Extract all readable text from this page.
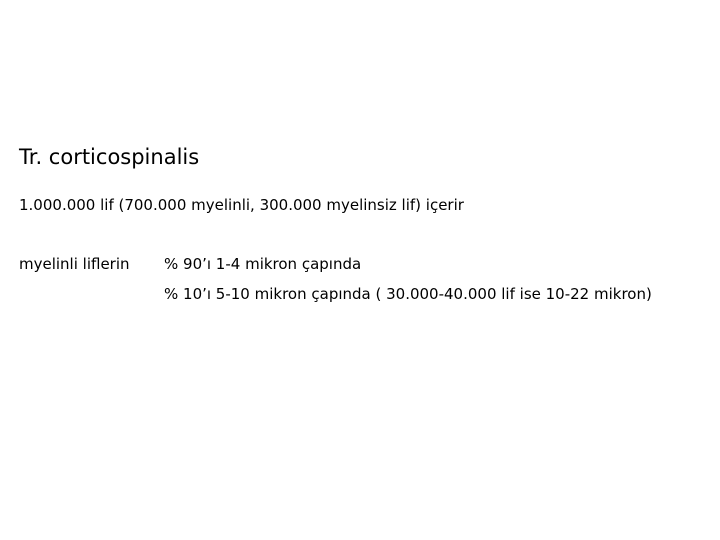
Tr. corticospinalis
1.000.000 lif (700.000 myelinli, 300.000 myelinsiz lif) içerir
myelinli liflerin % 90’ı 1-4 mikron çapında
% 10’ı 5-10 mikron çapında ( 30.000-40.000 lif ise 10-22 mikron)
